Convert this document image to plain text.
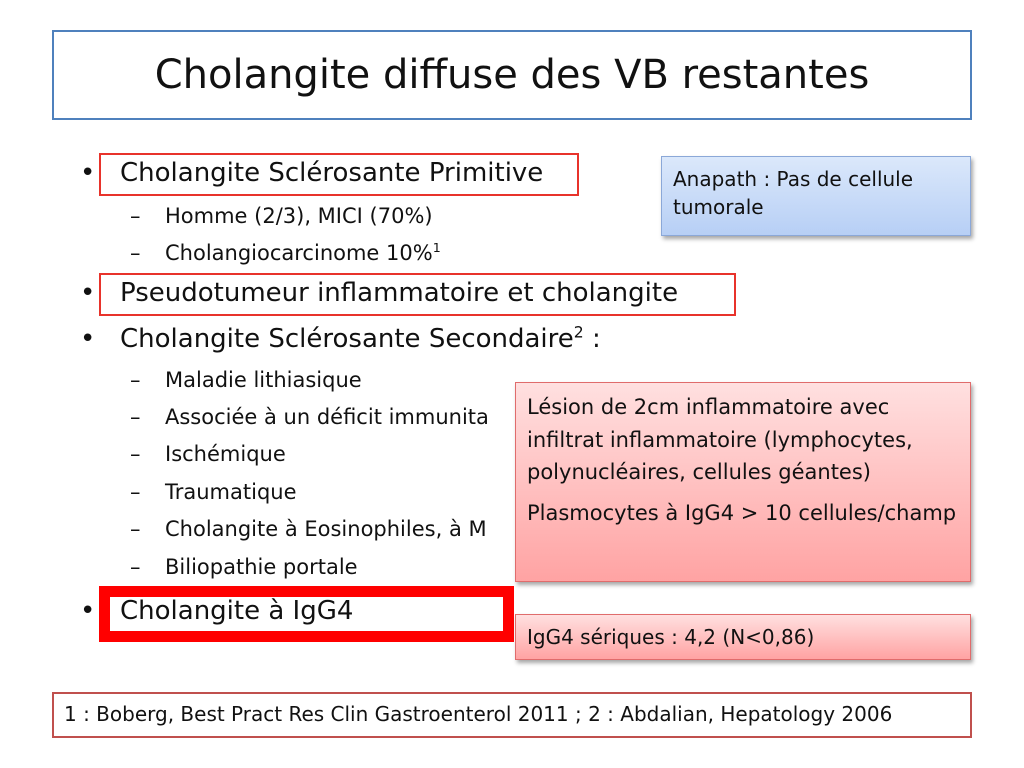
Cholangite diffuse des VB restantes
• Cholangite Sclérosante Primitive
– Homme (2/3), MICI (70%)
– Cholangiocarcinome 10%$^1$
• Pseudotumeur inflammatoire et cholangite
• Cholangite Sclérosante Secondaire$^2$ :
– Maladie lithiasique
– Associée à un déficit immunita
– Ischémique
– Traumatique
– Cholangite à Eosinophiles, à M
– Biliopathie portale
• Cholangite à IgG4
Anapath : Pas de cellule tumorale

Lésion de 2cm inflammatoire avec infiltrat inflammatoire (lymphocytes, polynucléaires, cellules géantes)

Plasmocytes à IgG4 > 10 cellules/champ

IgG4 sériques : 4,2 (N<0,86)
1 : Boberg, Best Pract Res Clin Gastroenterol 2011 ; 2 : Abdalian, Hepatology 2006
